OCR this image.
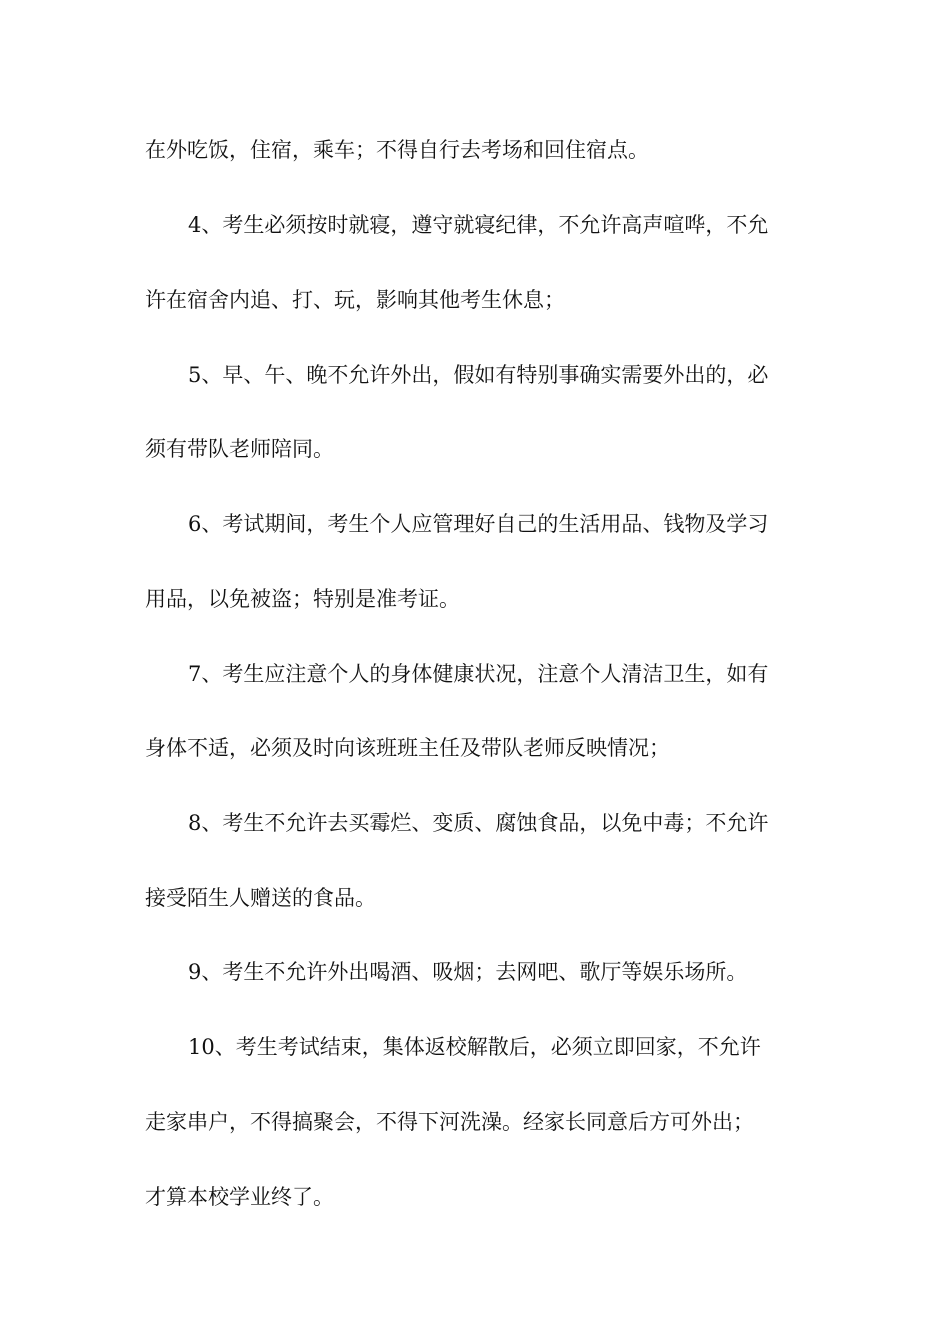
在外吃饭，住宿，乘车；不得自行去考场和回住宿点。
4、考生必须按时就寝，遵守就寝纪律，不允许高声喧哗，不允
许在宿舍内追、打、玩，影响其他考生休息；
5、早、午、晚不允许外出，假如有特别事确实需要外出的，必
须有带队老师陪同。
6、考试期间，考生个人应管理好自己的生活用品、钱物及学习
用品，以免被盗；特别是准考证。
7、考生应注意个人的身体健康状况，注意个人清洁卫生，如有
身体不适，必须及时向该班班主任及带队老师反映情况；
8、考生不允许去买霉烂、变质、腐蚀食品，以免中毒；不允许
接受陌生人赠送的食品。
9、考生不允许外出喝酒、吸烟；去网吧、歌厅等娱乐场所。
10、考生考试结束，集体返校解散后，必须立即回家，不允许
走家串户，不得搞聚会，不得下河洗澡。经家长同意后方可外出；
才算本校学业终了。
